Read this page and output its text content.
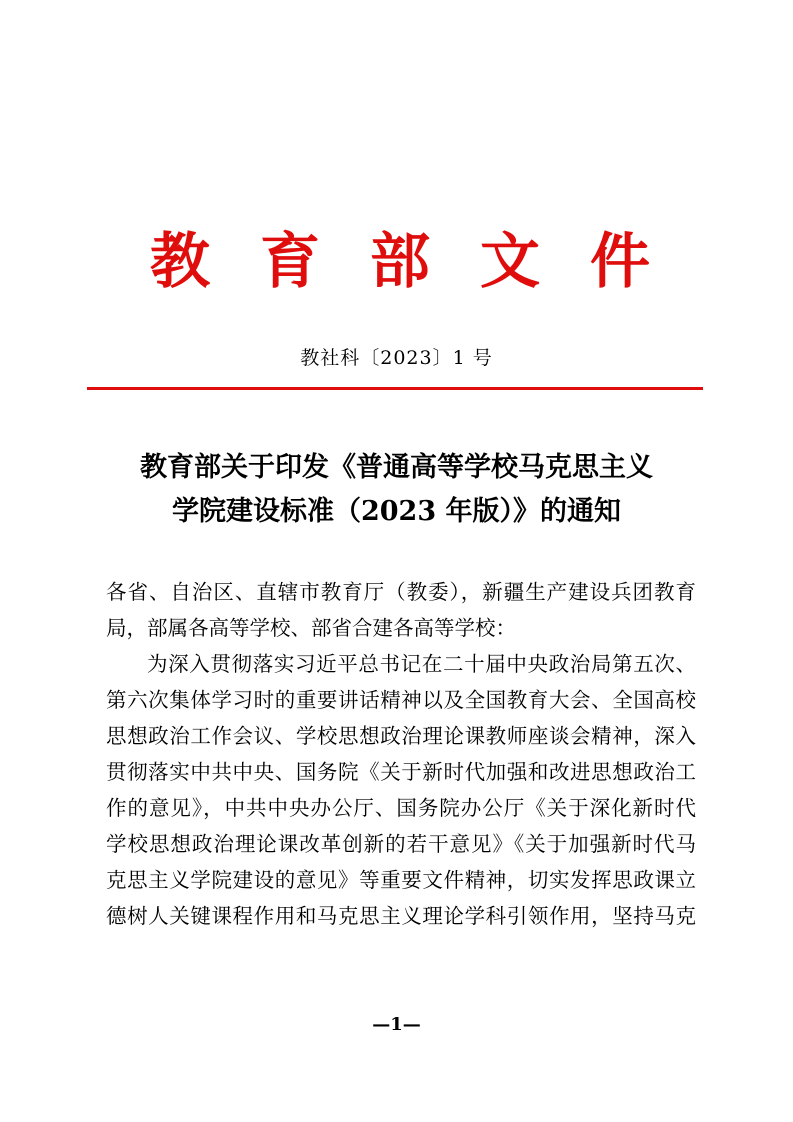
教 育 部 文 件
教社科〔2023〕1 号
教育部关于印发《普通高等学校马克思主义
学院建设标准（2023 年版）》的通知
各省、自治区、直辖市教育厅（教委），新疆生产建设兵团教育
局，部属各高等学校、部省合建各高等学校：
为深入贯彻落实习近平总书记在二十届中央政治局第五次、
第六次集体学习时的重要讲话精神以及全国教育大会、全国高校
思想政治工作会议、学校思想政治理论课教师座谈会精神，深入
贯彻落实中共中央、国务院《关于新时代加强和改进思想政治工
作的意见》，中共中央办公厅、国务院办公厅《关于深化新时代
学校思想政治理论课改革创新的若干意见》《关于加强新时代马
克思主义学院建设的意见》等重要文件精神，切实发挥思政课立
德树人关键课程作用和马克思主义理论学科引领作用，坚持马克
—1—
